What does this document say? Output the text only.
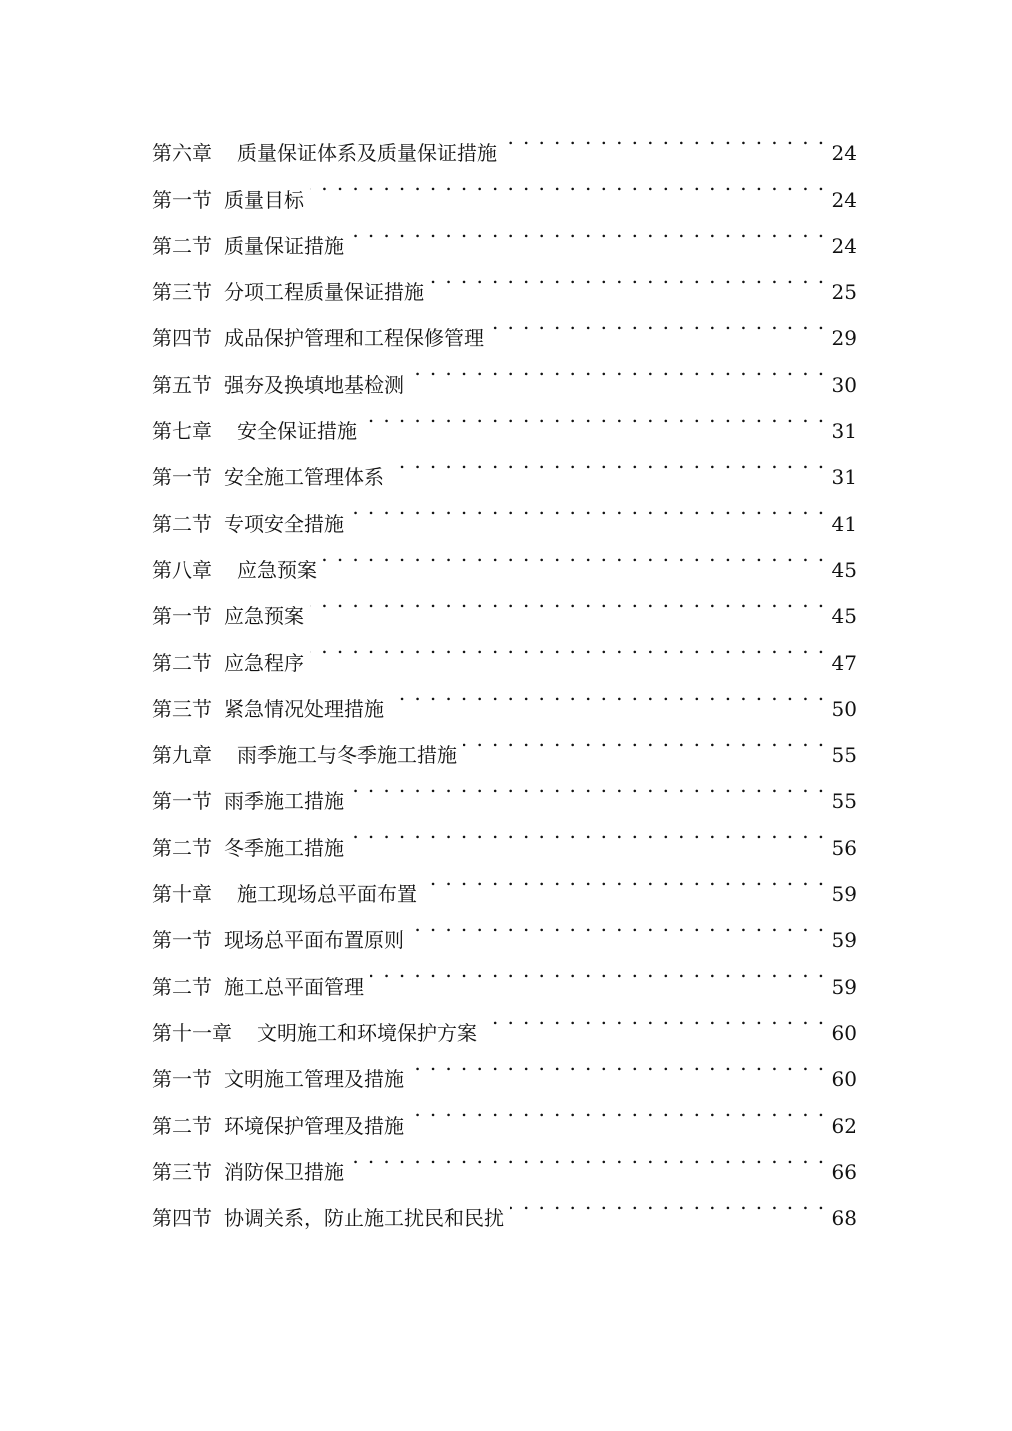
第六章 质量保证体系及质量保证措施 . . .	24
第一节 质量目标 . . .	24
第二节 质量保证措施 . . .	24
第三节 分项工程质量保证措施 . . .	25
第四节 成品保护管理和工程保修管理 . . .	29
第五节 强夯及换填地基检测 . . .	30
第七章 安全保证措施 . . .	31
第一节 安全施工管理体系 . . .	31
第二节 专项安全措施 . . .	41
第八章 应急预案 . . .	45
第一节 应急预案 . . .	45
第二节 应急程序 . . .	47
第三节 紧急情况处理措施 . . .	50
第九章 雨季施工与冬季施工措施 . . .	55
第一节 雨季施工措施 . . .	55
第二节 冬季施工措施 . . .	56
第十章 施工现场总平面布置 . . .	59
第一节 现场总平面布置原则 . . .	59
第二节 施工总平面管理 . . .	59
第十一章 文明施工和环境保护方案 . . .	60
第一节 文明施工管理及措施 . . .	60
第二节 环境保护管理及措施 . . .	62
第三节 消防保卫措施 . . .	66
第四节 协调关系，防止施工扰民和民扰 . . .	68
